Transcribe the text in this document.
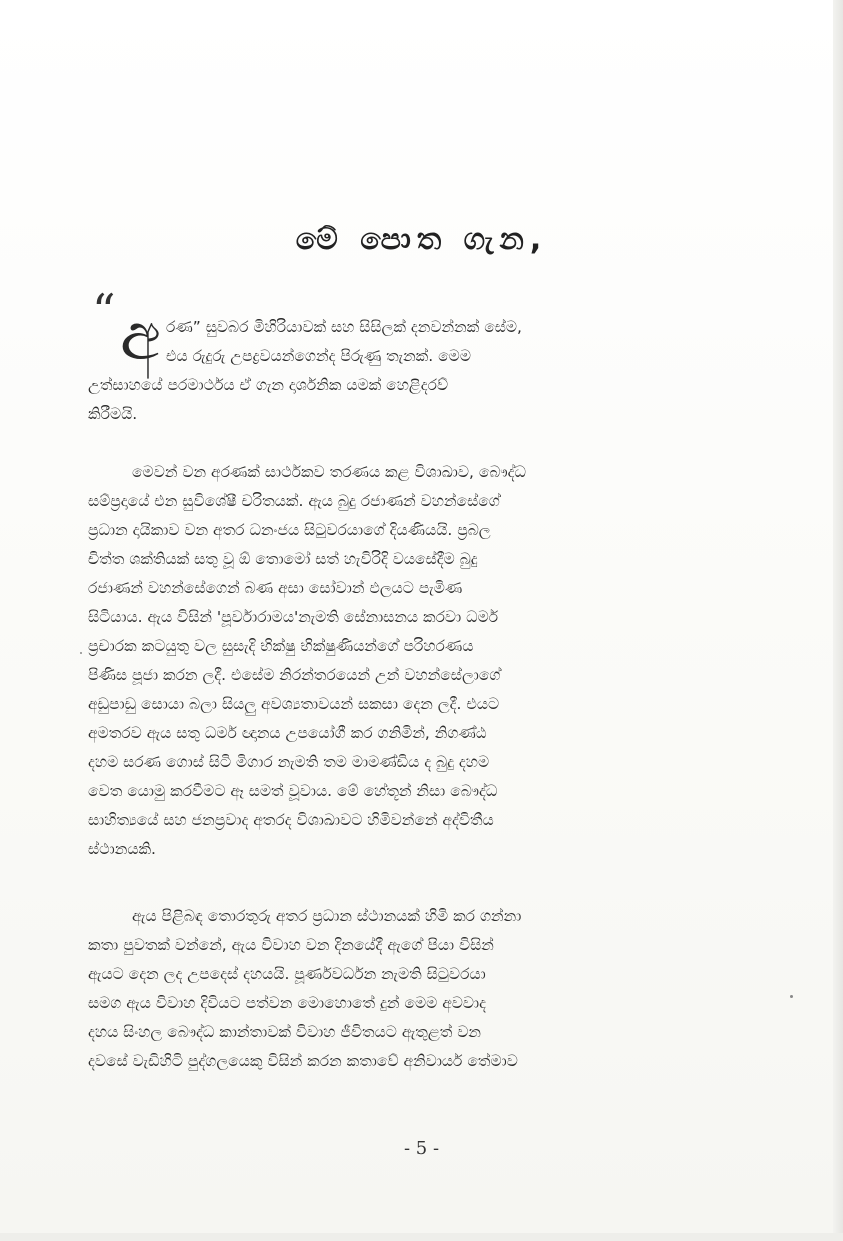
මේ පොත ගැන,
“ අ රණ” සුවබර මිහිරියාවක් සහ සිසිලක් දනවන්නක් සේම,
එය රුදුරු උපද්‍රවයන්ගෙන්ද පිරුණු තැනක්. මෙම
උත්සාහයේ පරමාර්ථය ඒ ගැන දාර්ශනික යමක් හෙළිදරව්
කිරීමයි.
මෙවන් වන අරණක් සාර්ථකව තරණය කළ විශාඛාව, බෞද්ධ
සම්ප්‍රදායේ එන සුවිශේෂී චරිතයක්. ඇය බුදු රජාණන් වහන්සේගේ
ප්‍රධාන දායිකාව වන අතර ධනංජය සිටුවරයාගේ දියණියයි. ප්‍රබල
චිත්ත ශක්තියක් සතු වූ ඕ තොමෝ සත් හැවිරිදි වයසේදීම බුදු
රජාණන් වහන්සේගෙන් බණ අසා සෝවාන් ඵලයට පැමිණ
සිටියාය. ඇය විසින් 'පූර්වාරාමය'නැමති සේනාසනය කරවා ධර්ම
ප්‍රචාරක කටයුතු වල සුසැදි භික්ෂු භික්ෂුණියන්ගේ පරිහරණය
පිණිස පූජා කරන ලදී. එසේම නිරන්තරයෙන් උන් වහන්සේලාගේ
අඩුපාඩු සොයා බලා සියලු අවශ්‍යතාවයන් සකසා දෙන ලදී. එයට
අමතරව ඇය සතු ධර්ම ඥානය උපයෝගී කර ගනිමින්, නිගණ්ඨ
දහම සරණ ගොස් සිටි මිගාර නැමති තම මාමණ්ඩිය ද බුදු දහම
වෙත යොමු කරවීමට ඈ සමත් වූවාය. මේ හේතූන් නිසා බෞද්ධ
සාහිත්‍යයේ සහ ජනප්‍රවාද අතරද විශාඛාවට හිමිවන්නේ අද්විතීය
ස්ථානයකි.
ඇය පිළිබඳ තොරතුරු අතර ප්‍රධාන ස්ථානයක් හිමි කර ගන්නා
කතා පුවතක් වන්නේ, ඇය විවාහ වන දිනයේදී ඇගේ පියා විසින්
ඇයට දෙන ලද උපදෙස් දහයයි. පූර්ණවර්ධන නැමති සිටුවරයා
සමග ඇය විවාහ දිවියට පත්වන මොහොතේ දුන් මෙම අවවාද
දහය සිංහල බෞද්ධ කාන්තාවක් විවාහ ජීවිතයට ඇතුළත් වන
දවසේ වැඩිහිටි පුද්ගලයෙකු විසින් කරන කතාවේ අනිවාර්ය තේමාව
- 5 -
